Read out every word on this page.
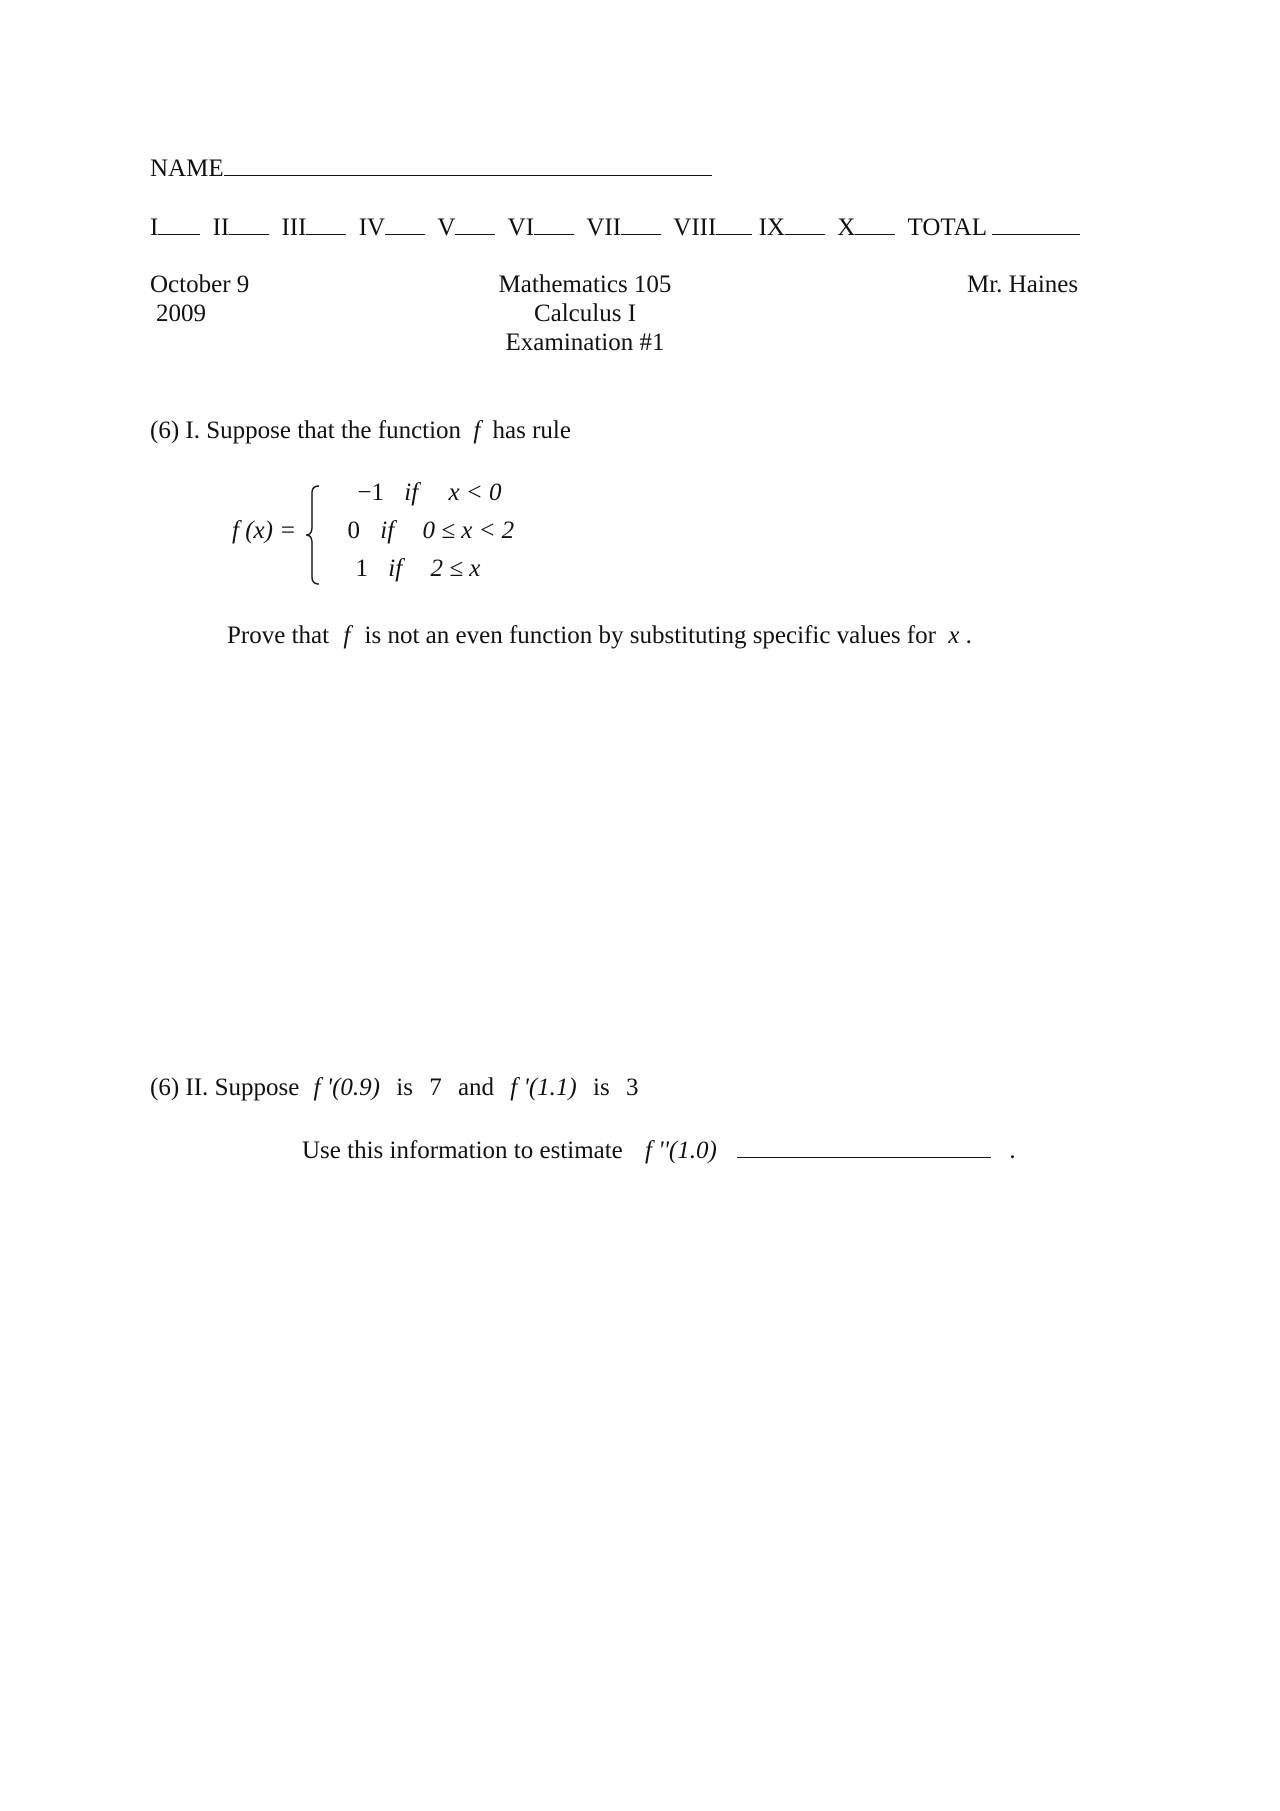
NAME
I II III IV V VI VII VIII IX X TOTAL
October 9
2009
Mathematics 105
Calculus I
Examination #1
Mr. Haines
(6) I. Suppose that the function f has rule
f (x) =
−1 if x < 0
0 if 0 ≤ x < 2
1 if 2 ≤ x
Prove that f is not an even function by substituting specific values for x .
(6) II. Suppose f '(0.9) is 7 and f '(1.1) is 3
Use this information to estimate f ''(1.0)	.
